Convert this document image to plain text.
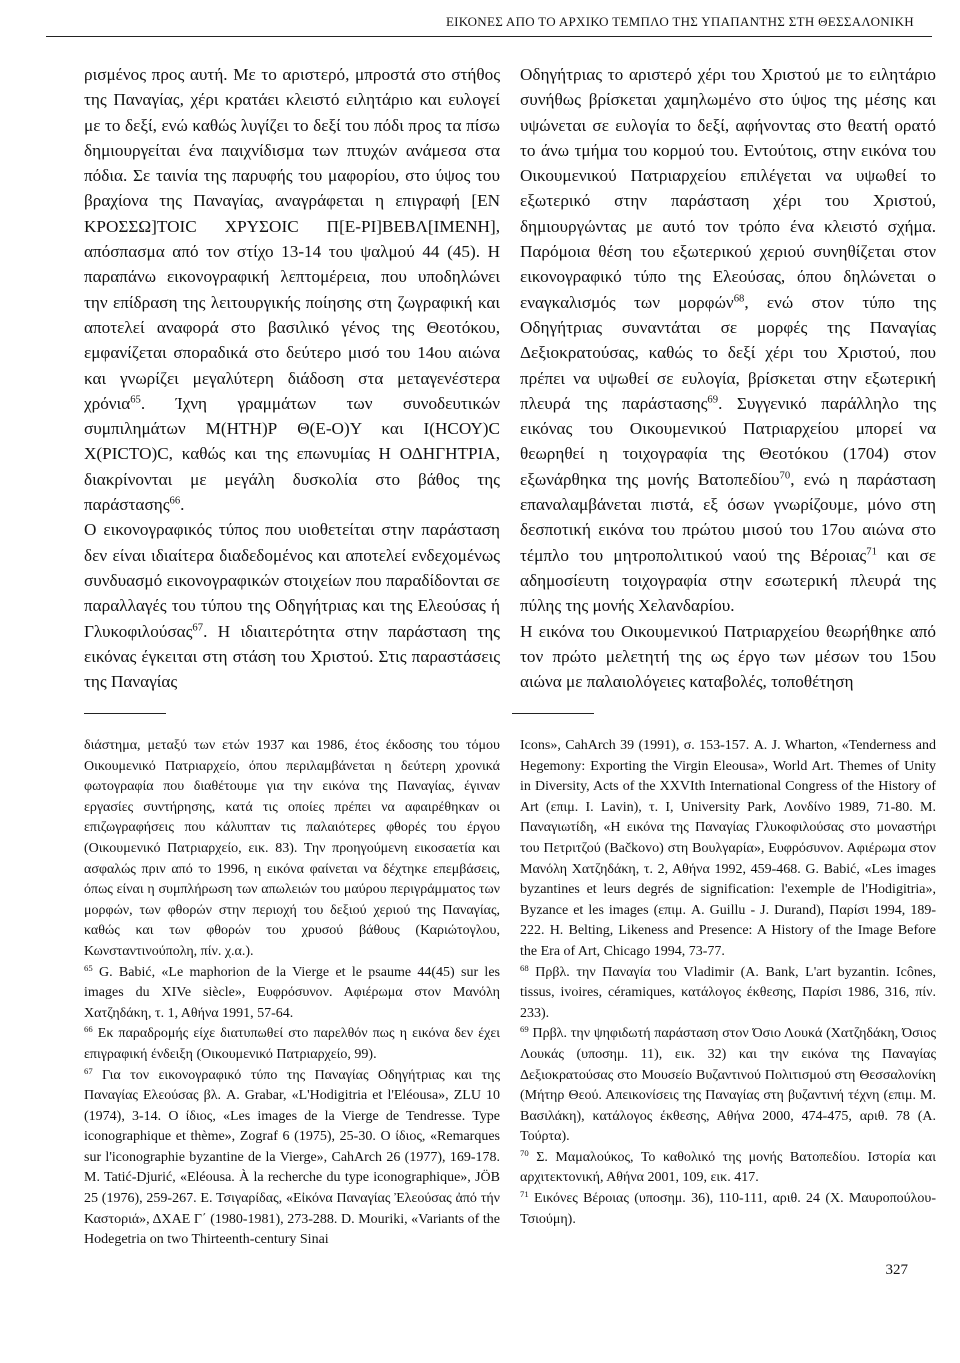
ΕΙΚΟΝΕΣ ΑΠΟ ΤΟ ΑΡΧΙΚΟ ΤΕΜΠΛΟ ΤΗΣ ΥΠΑΠΑΝΤΗΣ ΣΤΗ ΘΕΣΣΑΛΟΝΙΚΗ

ρισμένος προς αυτή. Με το αριστερό, μπροστά στο στήθος της Παναγίας, χέρι κρατάει κλειστό ειλητάριο και ευλογεί με το δεξί, ενώ καθώς λυγίζει το δεξί του πόδι προς τα πίσω δημιουργείται ένα παιχνίδισμα των πτυχών ανάμεσα στα πόδια. Σε ταινία της παρυφής του μαφορίου, στο ύψος του βραχίονα της Παναγίας, αναγράφεται η επιγραφή [ΕΝ ΚΡΟΣΣΩ]ΤΟΙC ΧΡΥΣΟΙC Π[Ε-ΡΙ]ΒΕΒΛ[ΙΜΕΝΗ], απόσπασμα από τον στίχο 13-14 του ψαλμού 44 (45). Η παραπάνω εικονογραφική λεπτομέρεια, που υποδηλώνει την επίδραση της λειτουργικής ποίησης στη ζωγραφική και αποτελεί αναφορά στο βασιλικό γένος της Θεοτόκου, εμφανίζεται σποραδικά στο δεύτερο μισό του 14ου αιώνα και γνωρίζει μεγαλύτερη διάδοση στα μεταγενέστερα χρόνια$^{65}$. Ίχνη γραμμάτων των συνοδευτικών συμπιλημάτων Μ(ΗΤΗ)Ρ Θ(Ε-Ο)Υ και Ι(ΗCΟΥ)C Χ(ΡΙCΤΟ)C, καθώς και της επωνυμίας Η ΟΔΗΓΗΤΡΙΑ, διακρίνονται με μεγάλη δυσκολία στο βάθος της παράστασης$^{66}$.

Ο εικονογραφικός τύπος που υιοθετείται στην παράσταση δεν είναι ιδιαίτερα διαδεδομένος και αποτελεί ενδεχομένως συνδυασμό εικονογραφικών στοιχείων που παραδίδονται σε παραλλαγές του τύπου της Οδηγήτριας και της Ελεούσας ή Γλυκοφιλούσας$^{67}$. Η ιδιαιτερότητα στην παράσταση της εικόνας έγκειται στη στάση του Χριστού. Στις παραστάσεις της Παναγίας

Οδηγήτριας το αριστερό χέρι του Χριστού με το ειλητάριο συνήθως βρίσκεται χαμηλωμένο στο ύψος της μέσης και υψώνεται σε ευλογία το δεξί, αφήνοντας στο θεατή ορατό το άνω τμήμα του κορμού του. Εντούτοις, στην εικόνα του Οικουμενικού Πατριαρχείου επιλέγεται να υψωθεί το εξωτερικό στην παράσταση χέρι του Χριστού, δημιουργώντας με αυτό τον τρόπο ένα κλειστό σχήμα. Παρόμοια θέση του εξωτερικού χεριού συνηθίζεται στον εικονογραφικό τύπο της Ελεούσας, όπου δηλώνεται ο εναγκαλισμός των μορφών$^{68}$, ενώ στον τύπο της Οδηγήτριας συναντάται σε μορφές της Παναγίας Δεξιοκρατούσας, καθώς το δεξί χέρι του Χριστού, που πρέπει να υψωθεί σε ευλογία, βρίσκεται στην εξωτερική πλευρά της παράστασης$^{69}$. Συγγενικό παράλληλο της εικόνας του Οικουμενικού Πατριαρχείου μπορεί να θεωρηθεί η τοιχογραφία της Θεοτόκου (1704) στον εξωνάρθηκα της μονής Βατοπεδίου$^{70}$, ενώ η παράσταση επαναλαμβάνεται πιστά, εξ όσων γνωρίζουμε, μόνο στη δεσποτική εικόνα του πρώτου μισού του 17ου αιώνα στο τέμπλο του μητροπολιτικού ναού της Βέροιας$^{71}$ και σε αδημοσίευτη τοιχογραφία στην εσωτερική πλευρά της πύλης της μονής Χελανδαρίου.

Η εικόνα του Οικουμενικού Πατριαρχείου θεωρήθηκε από τον πρώτο μελετητή της ως έργο των μέσων του 15ου αιώνα με παλαιολόγειες καταβολές, τοποθέτηση

διάστημα, μεταξύ των ετών 1937 και 1986, έτος έκδοσης του τόμου Οικουμενικό Πατριαρχείο, όπου περιλαμβάνεται η δεύτερη χρονικά φωτογραφία που διαθέτουμε για την εικόνα της Παναγίας, έγιναν εργασίες συντήρησης, κατά τις οποίες πρέπει να αφαιρέθηκαν οι επιζωγραφήσεις που κάλυπταν τις παλαιότερες φθορές του έργου (Οικουμενικό Πατριαρχείο, εικ. 83). Την προηγούμενη εικοσαετία και ασφαλώς πριν από το 1996, η εικόνα φαίνεται να δέχτηκε επεμβάσεις, όπως είναι η συμπλήρωση των απωλειών του μαύρου περιγράμματος των μορφών, των φθορών στην περιοχή του δεξιού χεριού της Παναγίας, καθώς και των φθορών του χρυσού βάθους (Καριώτογλου, Κωνσταντινούπολη, πίν. χ.α.).

$^{65}$ G. Babić, «Le maphorion de la Vierge et le psaume 44(45) sur les images du XIVe siècle», Ευφρόσυνον. Αφιέρωμα στον Μανόλη Χατζηδάκη, τ. 1, Αθήνα 1991, 57-64.

$^{66}$ Εκ παραδρομής είχε διατυπωθεί στο παρελθόν πως η εικόνα δεν έχει επιγραφική ένδειξη (Οικουμενικό Πατριαρχείο, 99).

$^{67}$ Για τον εικονογραφικό τύπο της Παναγίας Οδηγήτριας και της Παναγίας Ελεούσας βλ. A. Grabar, «L'Hodigitria et l'Eléousa», ZLU 10 (1974), 3-14. Ο ίδιος, «Les images de la Vierge de Tendresse. Type iconographique et thème», Zograf 6 (1975), 25-30. Ο ίδιος, «Remarques sur l'iconographie byzantine de la Vierge», CahArch 26 (1977), 169-178. M. Tatić-Djurić, «Eléousa. À la recherche du type iconographique», JÖB 25 (1976), 259-267. Ε. Τσιγαρίδας, «Εἰκόνα Παναγίας Ἐλεούσας ἀπό τήν Καστοριά», ΔΧΑΕ Γ΄ (1980-1981), 273-288. D. Mouriki, «Variants of the Hodegetria on two Thirteenth-century Sinai

Icons», CahArch 39 (1991), σ. 153-157. A. J. Wharton, «Tenderness and Hegemony: Exporting the Virgin Eleousa», World Art. Themes of Unity in Diversity, Acts of the XXVIth International Congress of the History of Art (επιμ. I. Lavin), τ. I, University Park, Λονδίνο 1989, 71-80. Μ. Παναγιωτίδη, «Η εικόνα της Παναγίας Γλυκοφιλούσας στο μοναστήρι του Πετριτζού (Bačkovo) στη Βουλγαρία», Ευφρόσυνον. Αφιέρωμα στον Μανόλη Χατζηδάκη, τ. 2, Αθήνα 1992, 459-468. G. Babić, «Les images byzantines et leurs degrés de signification: l'exemple de l'Hodigitria», Byzance et les images (επιμ. A. Guillu - J. Durand), Παρίσι 1994, 189-222. H. Belting, Likeness and Presence: A History of the Image Before the Era of Art, Chicago 1994, 73-77.

$^{68}$ Πρβλ. την Παναγία του Vladimir (A. Bank, L'art byzantin. Icônes, tissus, ivoires, céramiques, κατάλογος έκθεσης, Παρίσι 1986, 316, πίν. 233).

$^{69}$ Πρβλ. την ψηφιδωτή παράσταση στον Όσιο Λουκά (Χατζηδάκη, Όσιος Λουκάς (υποσημ. 11), εικ. 32) και την εικόνα της Παναγίας Δεξιοκρατούσας στο Μουσείο Βυζαντινού Πολιτισμού στη Θεσσαλονίκη (Μήτηρ Θεού. Απεικονίσεις της Παναγίας στη βυζαντινή τέχνη (επιμ. Μ. Βασιλάκη), κατάλογος έκθεσης, Αθήνα 2000, 474-475, αριθ. 78 (Α. Τούρτα).

$^{70}$ Σ. Μαμαλούκος, Το καθολικό της μονής Βατοπεδίου. Ιστορία και αρχιτεκτονική, Αθήνα 2001, 109, εικ. 417.

$^{71}$ Εικόνες Βέροιας (υποσημ. 36), 110-111, αριθ. 24 (Χ. Μαυροπούλου-Τσιούμη).

327
